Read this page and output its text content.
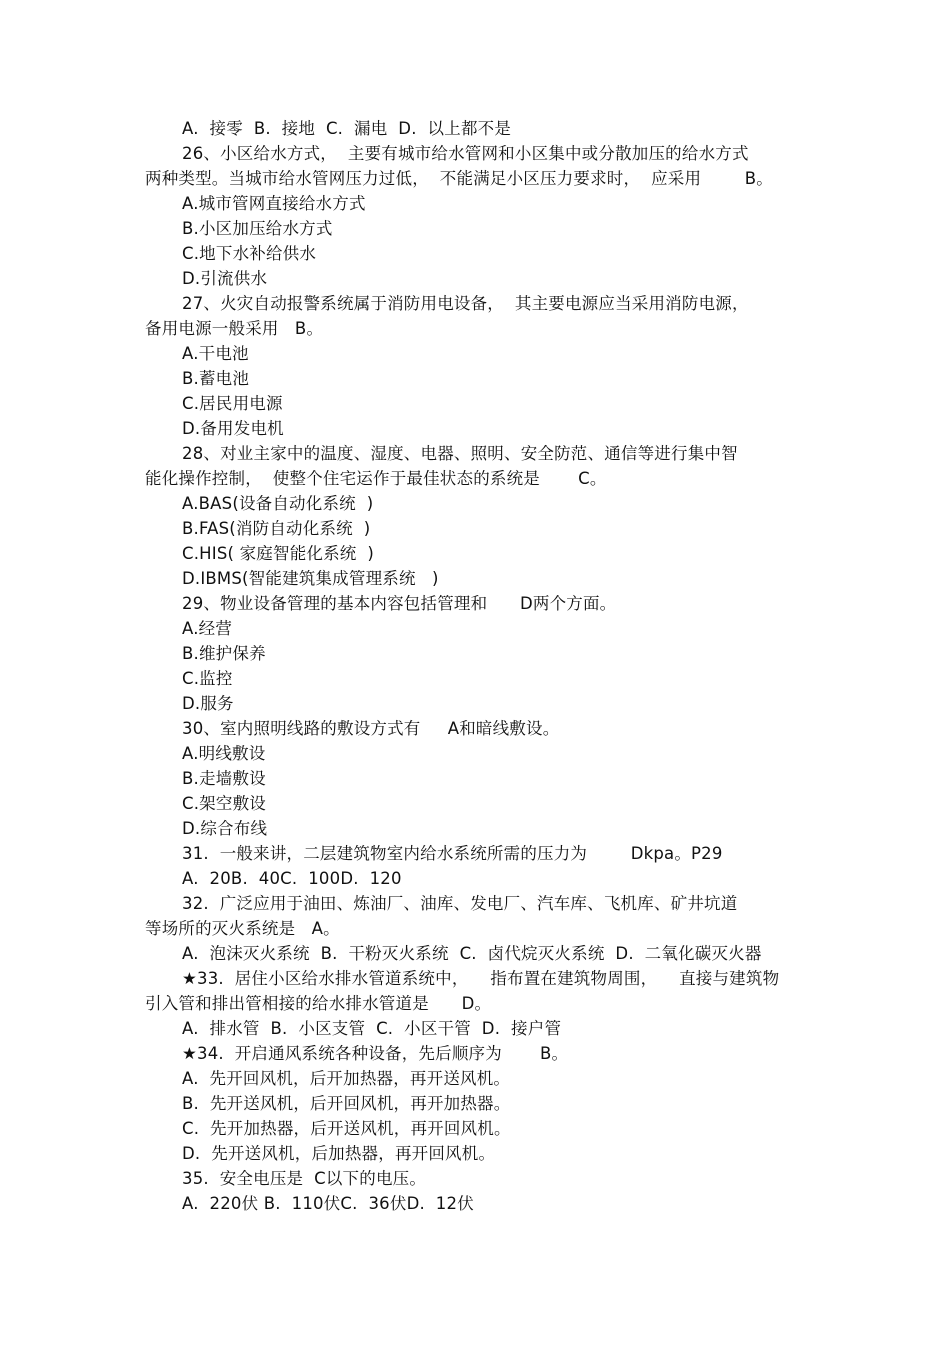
A.  接零  B.  接地  C.  漏电  D.  以上都不是
26、小区给水方式，  主要有城市给水管网和小区集中或分散加压的给水方式
两种类型。当城市给水管网压力过低，  不能满足小区压力要求时，  应采用        B。
A.城市管网直接给水方式
B.小区加压给水方式
C.地下水补给供水
D.引流供水
27、火灾自动报警系统属于消防用电设备，  其主要电源应当采用消防电源，
备用电源一般采用   B。
A.干电池
B.蓄电池
C.居民用电源
D.备用发电机
28、对业主家中的温度、湿度、电器、照明、安全防范、通信等进行集中智
能化操作控制，  使整个住宅运作于最佳状态的系统是       C。
A.BAS(设备自动化系统  )
B.FAS(消防自动化系统  )
C.HIS( 家庭智能化系统  )
D.IBMS(智能建筑集成管理系统   )
29、物业设备管理的基本内容包括管理和      D两个方面。
A.经营
B.维护保养
C.监控
D.服务
30、室内照明线路的敷设方式有     A和暗线敷设。
A.明线敷设
B.走墙敷设
C.架空敷设
D.综合布线
31.  一般来讲，二层建筑物室内给水系统所需的压力为        Dkpa。P29
A.  20B.  40C.  100D.  120
32.  广泛应用于油田、炼油厂、油库、发电厂、汽车库、飞机库、矿井坑道
等场所的灭火系统是   A。
A.  泡沫灭火系统  B.  干粉灭火系统  C.  卤代烷灭火系统  D.  二氧化碳灭火器
★33.  居住小区给水排水管道系统中，    指布置在建筑物周围，    直接与建筑物
引入管和排出管相接的给水排水管道是      D。
A.  排水管  B.  小区支管  C.  小区干管  D.  接户管
★34.  开启通风系统各种设备，先后顺序为       B。
A.  先开回风机，后开加热器，再开送风机。
B.  先开送风机，后开回风机，再开加热器。
C.  先开加热器，后开送风机，再开回风机。
D.  先开送风机，后加热器，再开回风机。
35.  安全电压是  C以下的电压。
A.  220伏 B.  110伏C.  36伏D.  12伏
